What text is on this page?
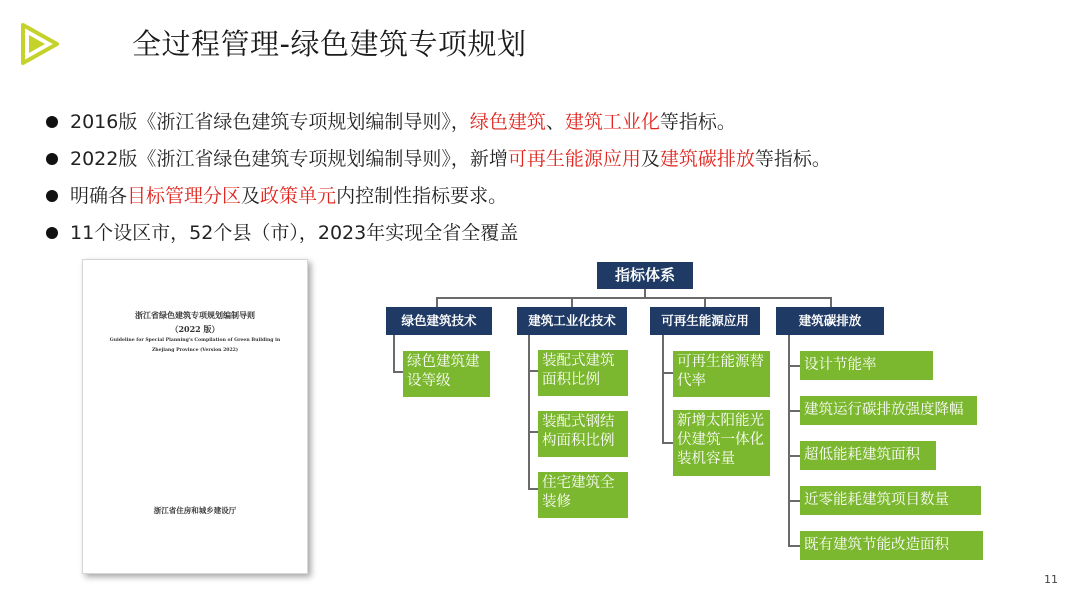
全过程管理-绿色建筑专项规划
2016版《浙江省绿色建筑专项规划编制导则》，绿色建筑、建筑工业化等指标。
2022版《浙江省绿色建筑专项规划编制导则》，新增可再生能源应用及建筑碳排放等指标。
明确各目标管理分区及政策单元内控制性指标要求。
11个设区市，52个县（市），2023年实现全省全覆盖
浙江省绿色建筑专项规划编制导则
（2022 版）
Guideline for Special Planning's Compilation of Green Building in
Zhejiang Province (Version 2022)
浙江省住房和城乡建设厅
指标体系
绿色建筑技术	建筑工业化技术	可再生能源应用	建筑碳排放
绿色建筑建设等级
装配式建筑面积比例
装配式钢结构面积比例
住宅建筑全装修
可再生能源替代率
新增太阳能光伏建筑一体化装机容量
设计节能率
建筑运行碳排放强度降幅
超低能耗建筑面积
近零能耗建筑项目数量
既有建筑节能改造面积
11
